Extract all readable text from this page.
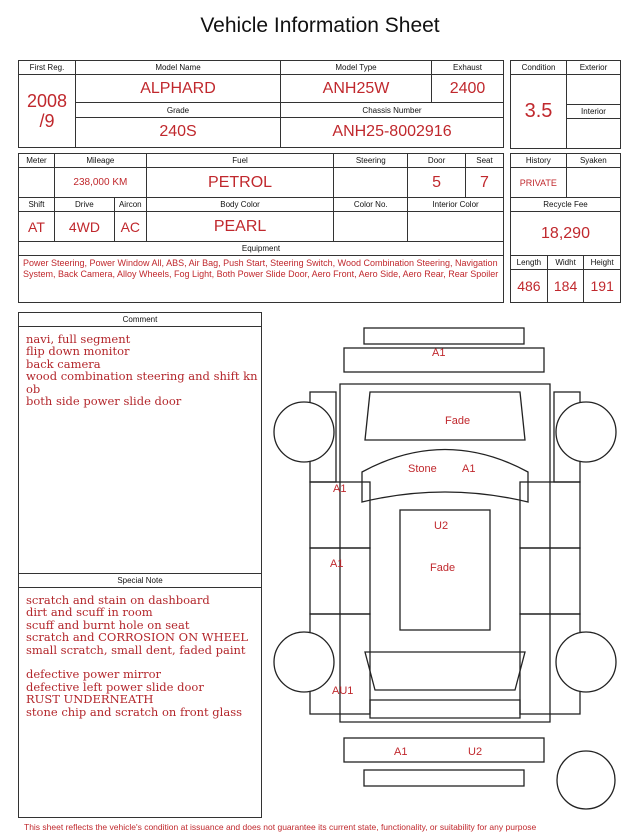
Vehicle Information Sheet
First Reg.	Model Name	Model Type	Exhaust

2008
/9	ALPHARD	ANH25W	2400
	Grade	Chassis Number	
	240S	ANH25-8002916	
Condition	Exterior
3.5	
	Interior

Meter	Mileage		Fuel	Steering	Door	Seat
	238,000 KM		PETROL		5	7
Shift	Drive	Aircon	Body Color	Color No.	Interior Color	
AT	4WD	AC	PEARL			
Equipment						
Power Steering, Power Window All, ABS, Air Bag, Push Start, Steering Switch, Wood Combination Steering, Navigation System, Back Camera, Alloy Wheels, Fog Light, Both Power Slide Door, Aero Front, Aero Side, Aero Rear, Rear Spoiler						
History		Syaken	
PRIVATE			
Recycle Fee			
18,290			
Length	Widht		Height
486	184		191
Comment
navi, full segment
flip down monitor
back camera
wood combination steering and shift kn
ob
both side power slide door
Special Note
scratch and stain on dashboard
dirt and scuff in room
scuff and burnt hole on seat
scratch and CORROSION ON WHEEL
small scratch, small dent, faded paint
defective power mirror
defective left power slide door
RUST UNDERNEATH
stone chip and scratch on front glass
A1
Fade
Stone A1
A1
U2
A1	Fade
AU1
A1	U2
This sheet reflects the vehicle's condition at issuance and does not guarantee its current state, functionality, or suitability for any purpose
